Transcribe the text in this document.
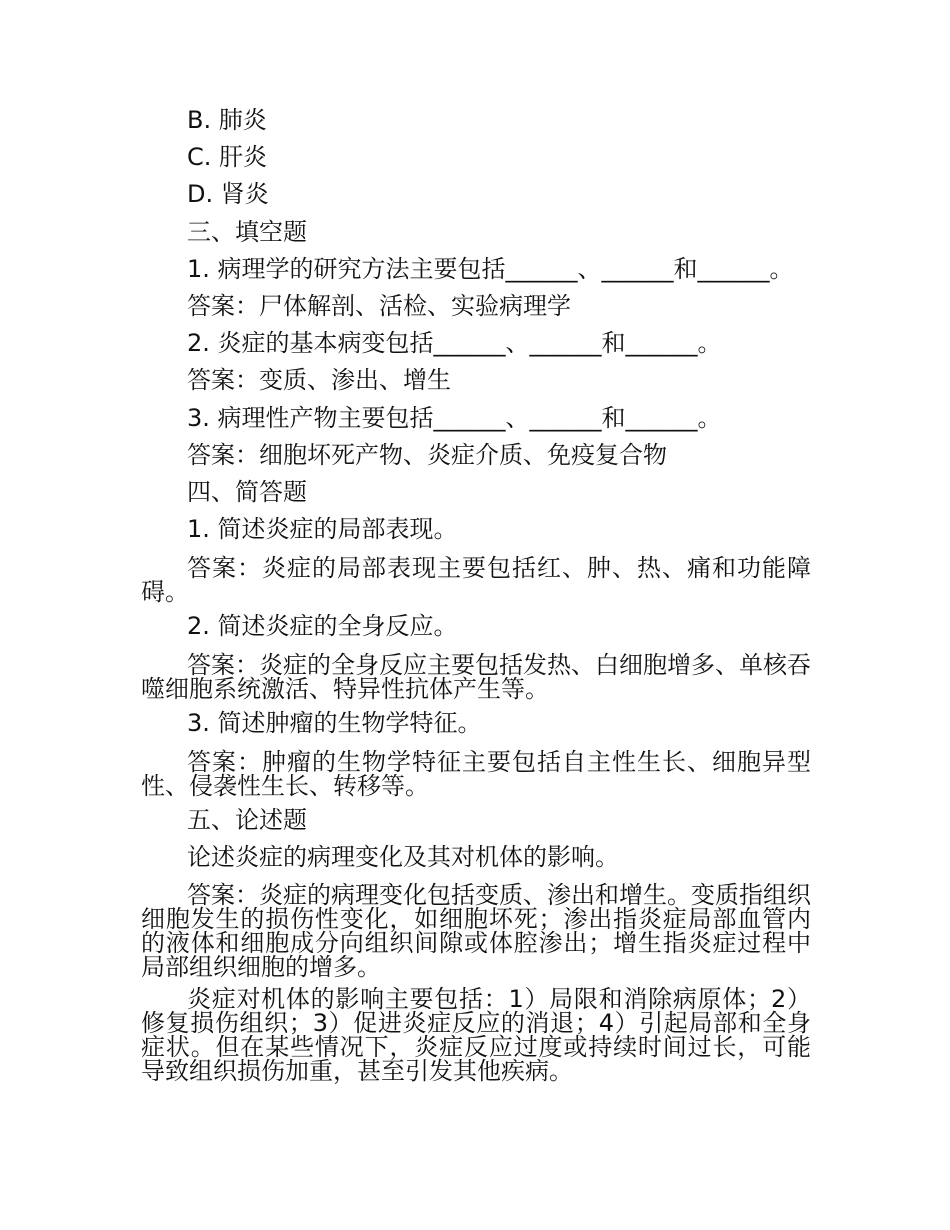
B. 肺炎
C. 肝炎
D. 肾炎
三、填空题
1. 病理学的研究方法主要包括______、______和______。
答案：尸体解剖、活检、实验病理学
2. 炎症的基本病变包括______、______和______。
答案：变质、渗出、增生
3. 病理性产物主要包括______、______和______。
答案：细胞坏死产物、炎症介质、免疫复合物
四、简答题
1. 简述炎症的局部表现。
答案：炎症的局部表现主要包括红、肿、热、痛和功能障碍。
2. 简述炎症的全身反应。
答案：炎症的全身反应主要包括发热、白细胞增多、单核吞噬细胞系统激活、特异性抗体产生等。
3. 简述肿瘤的生物学特征。
答案：肿瘤的生物学特征主要包括自主性生长、细胞异型性、侵袭性生长、转移等。
五、论述题
论述炎症的病理变化及其对机体的影响。
答案：炎症的病理变化包括变质、渗出和增生。变质指组织细胞发生的损伤性变化，如细胞坏死；渗出指炎症局部血管内的液体和细胞成分向组织间隙或体腔渗出；增生指炎症过程中局部组织细胞的增多。
炎症对机体的影响主要包括：1）局限和消除病原体；2）修复损伤组织；3）促进炎症反应的消退；4）引起局部和全身症状。但在某些情况下，炎症反应过度或持续时间过长，可能导致组织损伤加重，甚至引发其他疾病。
